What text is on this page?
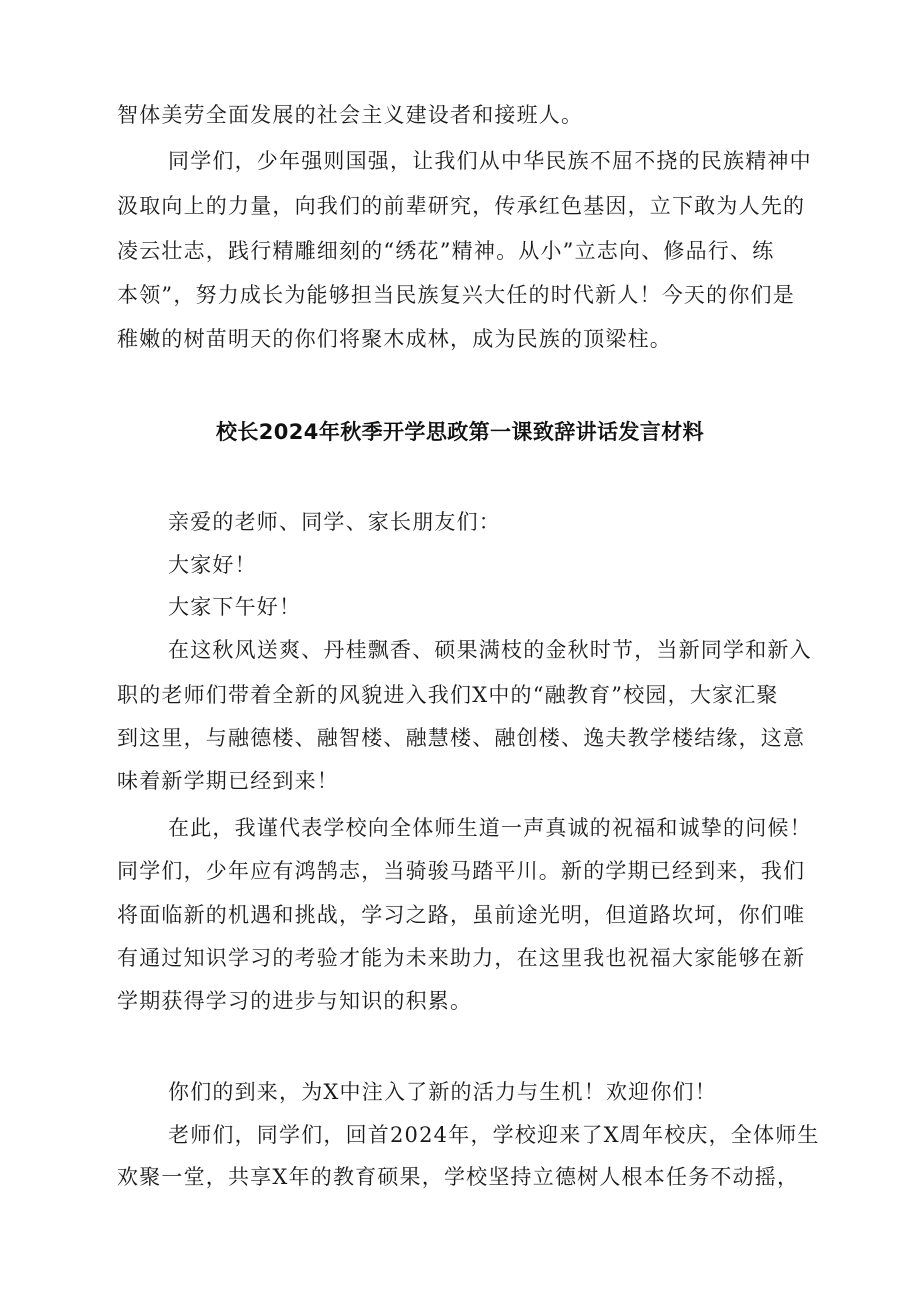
智体美劳全面发展的社会主义建设者和接班人。
同学们，少年强则国强，让我们从中华民族不屈不挠的民族精神中
汲取向上的力量，向我们的前辈研究，传承红色基因，立下敢为人先的
凌云壮志，践行精雕细刻的“绣花”精神。从小”立志向、修品行、练
本领”，努力成长为能够担当民族复兴大任的时代新人！今天的你们是
稚嫩的树苗明天的你们将聚木成林，成为民族的顶梁柱。
校长2024年秋季开学思政第一课致辞讲话发言材料
亲爱的老师、同学、家长朋友们：
大家好！
大家下午好！
在这秋风送爽、丹桂飘香、硕果满枝的金秋时节，当新同学和新入
职的老师们带着全新的风貌进入我们X中的“融教育”校园，大家汇聚
到这里，与融德楼、融智楼、融慧楼、融创楼、逸夫教学楼结缘，这意
味着新学期已经到来！
在此，我谨代表学校向全体师生道一声真诚的祝福和诚挚的问候！
同学们，少年应有鸿鹄志，当骑骏马踏平川。新的学期已经到来，我们
将面临新的机遇和挑战，学习之路，虽前途光明，但道路坎坷，你们唯
有通过知识学习的考验才能为未来助力，在这里我也祝福大家能够在新
学期获得学习的进步与知识的积累。
你们的到来，为X中注入了新的活力与生机！欢迎你们！
老师们，同学们，回首2024年，学校迎来了X周年校庆，全体师生
欢聚一堂，共享X年的教育硕果，学校坚持立德树人根本任务不动摇，
